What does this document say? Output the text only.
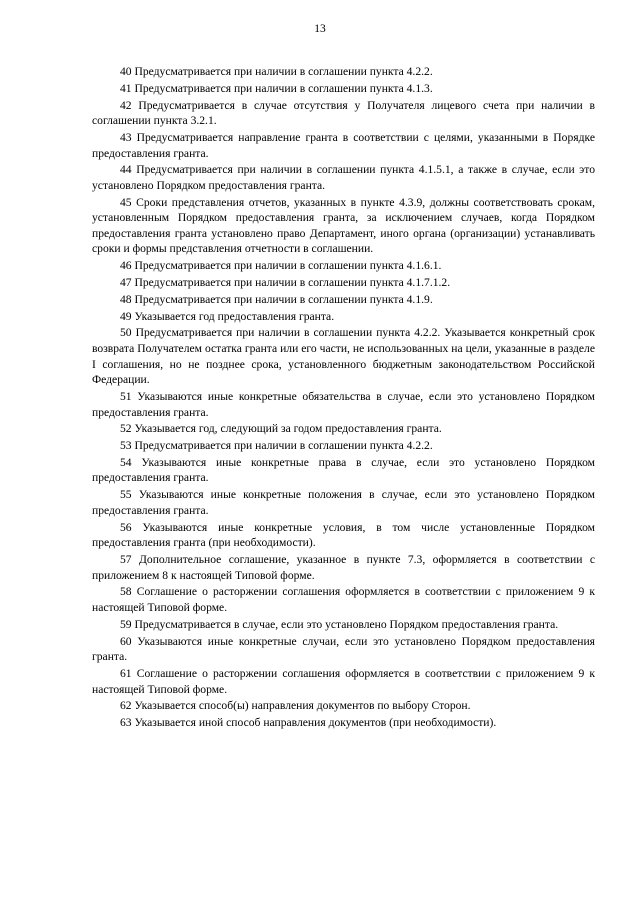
13

40 Предусматривается при наличии в соглашении пункта 4.2.2.

41 Предусматривается при наличии в соглашении пункта 4.1.3.

42 Предусматривается в случае отсутствия у Получателя лицевого счета при наличии в соглашении пункта 3.2.1.

43 Предусматривается направление гранта в соответствии с целями, указанными в Порядке предоставления гранта.

44 Предусматривается при наличии в соглашении пункта 4.1.5.1, а также в случае, если это установлено Порядком предоставления гранта.

45 Сроки представления отчетов, указанных в пункте 4.3.9, должны соответствовать срокам, установленным Порядком предоставления гранта, за исключением случаев, когда Порядком предоставления гранта установлено право Департамент, иного органа (организации) устанавливать сроки и формы представления отчетности в соглашении.

46 Предусматривается при наличии в соглашении пункта 4.1.6.1.

47 Предусматривается при наличии в соглашении пункта 4.1.7.1.2.

48 Предусматривается при наличии в соглашении пункта 4.1.9.

49 Указывается год предоставления гранта.

50 Предусматривается при наличии в соглашении пункта 4.2.2. Указывается конкретный срок возврата Получателем остатка гранта или его части, не использованных на цели, указанные в разделе I соглашения, но не позднее срока, установленного бюджетным законодательством Российской Федерации.

51 Указываются иные конкретные обязательства в случае, если это установлено Порядком предоставления гранта.

52 Указывается год, следующий за годом предоставления гранта.

53 Предусматривается при наличии в соглашении пункта 4.2.2.

54 Указываются иные конкретные права в случае, если это установлено Порядком предоставления гранта.

55 Указываются иные конкретные положения в случае, если это установлено Порядком предоставления гранта.

56 Указываются иные конкретные условия, в том числе установленные Порядком предоставления гранта (при необходимости).

57 Дополнительное соглашение, указанное в пункте 7.3, оформляется в соответствии с приложением 8 к настоящей Типовой форме.

58 Соглашение о расторжении соглашения оформляется в соответствии с приложением 9 к настоящей Типовой форме.

59 Предусматривается в случае, если это установлено Порядком предоставления гранта.

60 Указываются иные конкретные случаи, если это установлено Порядком предоставления гранта.

61 Соглашение о расторжении соглашения оформляется в соответствии с приложением 9 к настоящей Типовой форме.

62 Указывается способ(ы) направления документов по выбору Сторон.

63 Указывается иной способ направления документов (при необходимости).
